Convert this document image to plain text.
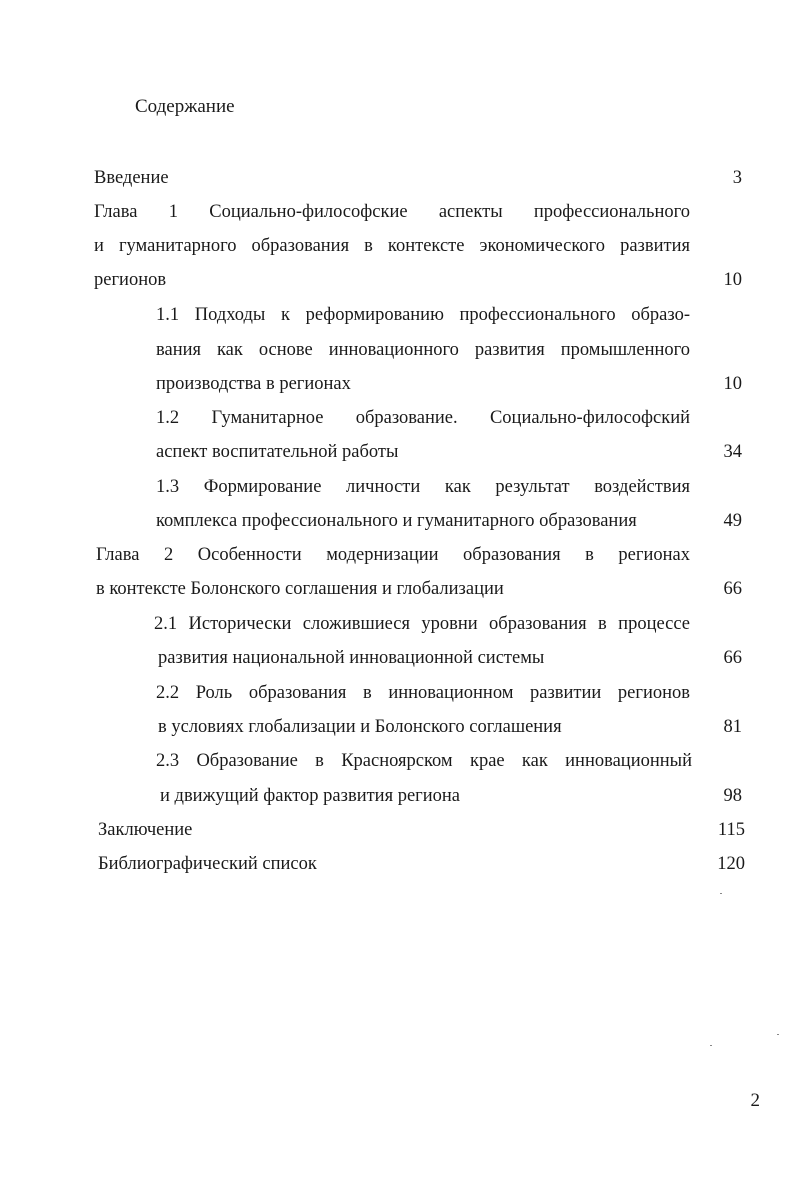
Содержание
Введение	3
Глава 1 Социально-философские аспекты профессионального
и гуманитарного образования в контексте экономического развития
регионов	10
1.1 Подходы к реформированию профессионального образо-
вания как основе инновационного развития промышленного
производства в регионах	10
1.2 Гуманитарное образование. Социально-философский
аспект воспитательной работы	34
1.3 Формирование личности как результат воздействия
комплекса профессионального и гуманитарного образования	49
Глава 2 Особенности модернизации образования в регионах
в контексте Болонского соглашения и глобализации	66
2.1 Исторически сложившиеся уровни образования в процессе
развития национальной инновационной системы	66
2.2 Роль образования в инновационном развитии регионов
в условиях глобализации и Болонского соглашения	81
2.3 Образование в Красноярском крае как инновационный
и движущий фактор развития региона	98
Заключение	115
Библиографический список	120
2
